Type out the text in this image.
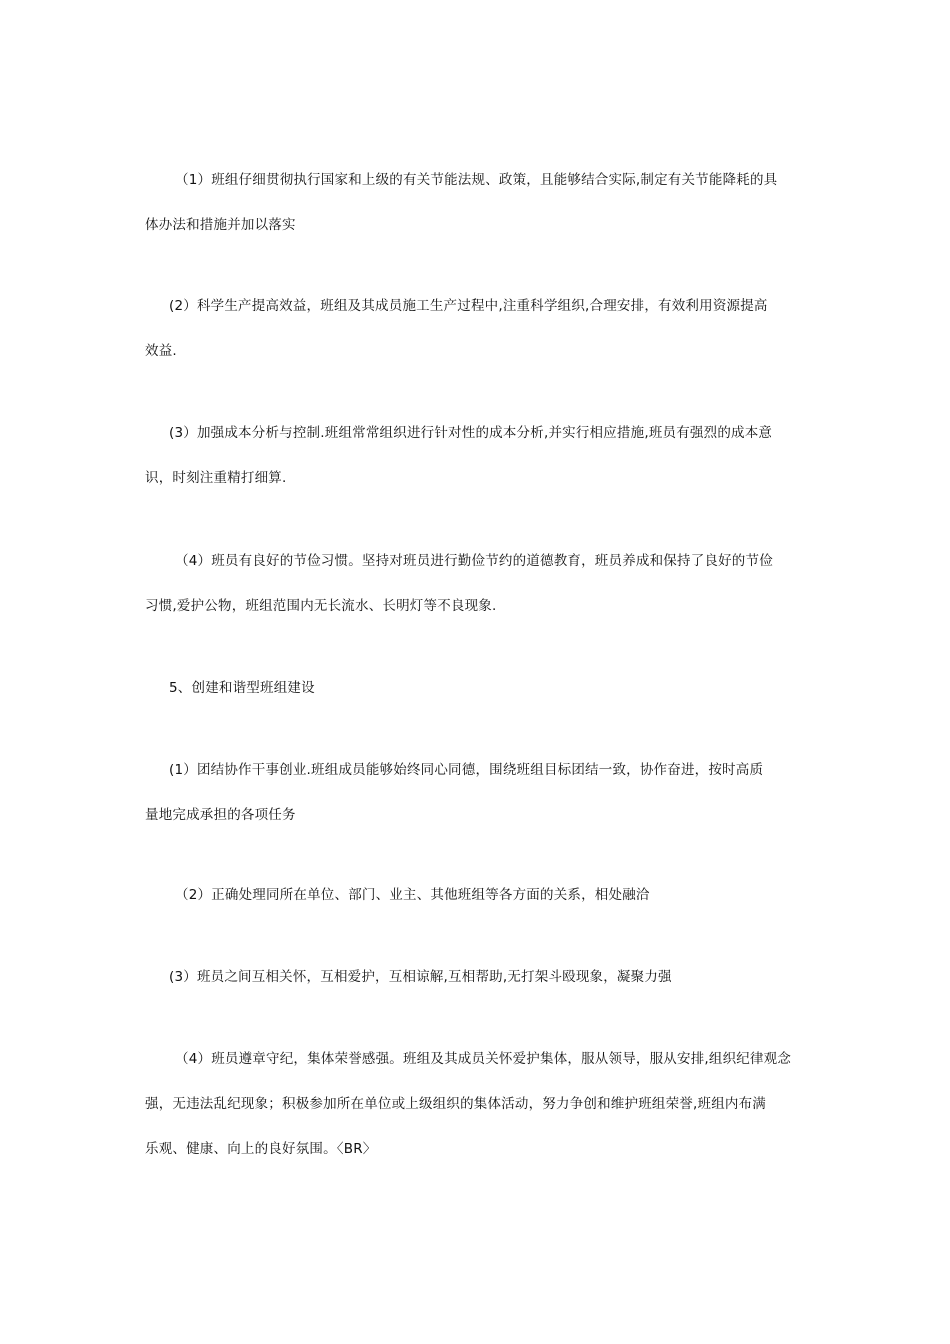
（1）班组仔细贯彻执行国家和上级的有关节能法规、政策，且能够结合实际,制定有关节能降耗的具
体办法和措施并加以落实
(2）科学生产提高效益，班组及其成员施工生产过程中,注重科学组织,合理安排，有效利用资源提高
效益.
(3）加强成本分析与控制.班组常常组织进行针对性的成本分析,并实行相应措施,班员有强烈的成本意
识，时刻注重精打细算.
（4）班员有良好的节俭习惯。坚持对班员进行勤俭节约的道德教育，班员养成和保持了良好的节俭
习惯,爱护公物，班组范围内无长流水、长明灯等不良现象.
5、创建和谐型班组建设
(1）团结协作干事创业.班组成员能够始终同心同德，围绕班组目标团结一致，协作奋进，按时高质
量地完成承担的各项任务
（2）正确处理同所在单位、部门、业主、其他班组等各方面的关系，相处融洽
(3）班员之间互相关怀，互相爱护，互相谅解,互相帮助,无打架斗殴现象，凝聚力强
（4）班员遵章守纪，集体荣誉感强。班组及其成员关怀爱护集体，服从领导，服从安排,组织纪律观念
强，无违法乱纪现象；积极参加所在单位或上级组织的集体活动，努力争创和维护班组荣誉,班组内布满
乐观、健康、向上的良好氛围。〈BR〉
